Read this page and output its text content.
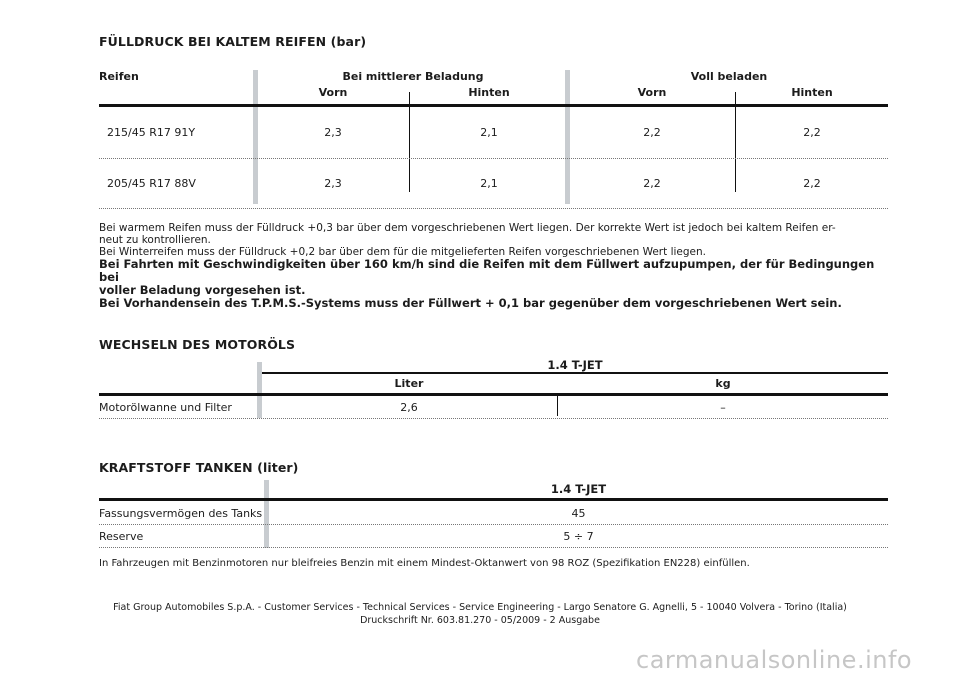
FÜLLDRUCK BEI KALTEM REIFEN (bar)
Reifen	Bei mittlerer Beladung	Voll beladen
Vorn	Hinten	Vorn	Hinten
215/45 R17 91Y	2,3	2,1	2,2	2,2
205/45 R17 88V	2,3	2,1	2,2	2,2
Bei warmem Reifen muss der Fülldruck +0,3 bar über dem vorgeschriebenen Wert liegen. Der korrekte Wert ist jedoch bei kaltem Reifen er-
neut zu kontrollieren.
Bei Winterreifen muss der Fülldruck +0,2 bar über dem für die mitgelieferten Reifen vorgeschriebenen Wert liegen.
Bei Fahrten mit Geschwindigkeiten über 160 km/h sind die Reifen mit dem Füllwert aufzupumpen, der für Bedingungen bei
voller Beladung vorgesehen ist.
Bei Vorhandensein des T.P.M.S.-Systems muss der Füllwert + 0,1 bar gegenüber dem vorgeschriebenen Wert sein.
WECHSELN DES MOTORÖLS
1.4 T-JET
Liter	kg
Motorölwanne und Filter	2,6	–
KRAFTSTOFF TANKEN (liter)
1.4 T-JET
Fassungsvermögen des Tanks	45
Reserve	5 ÷ 7
In Fahrzeugen mit Benzinmotoren nur bleifreies Benzin mit einem Mindest-Oktanwert von 98 ROZ (Spezifikation EN228) einfüllen.
Fiat Group Automobiles S.p.A. - Customer Services - Technical Services - Service Engineering - Largo Senatore G. Agnelli, 5 - 10040 Volvera - Torino (Italia)
Druckschrift Nr. 603.81.270 - 05/2009 - 2 Ausgabe
carmanualsonline.info
